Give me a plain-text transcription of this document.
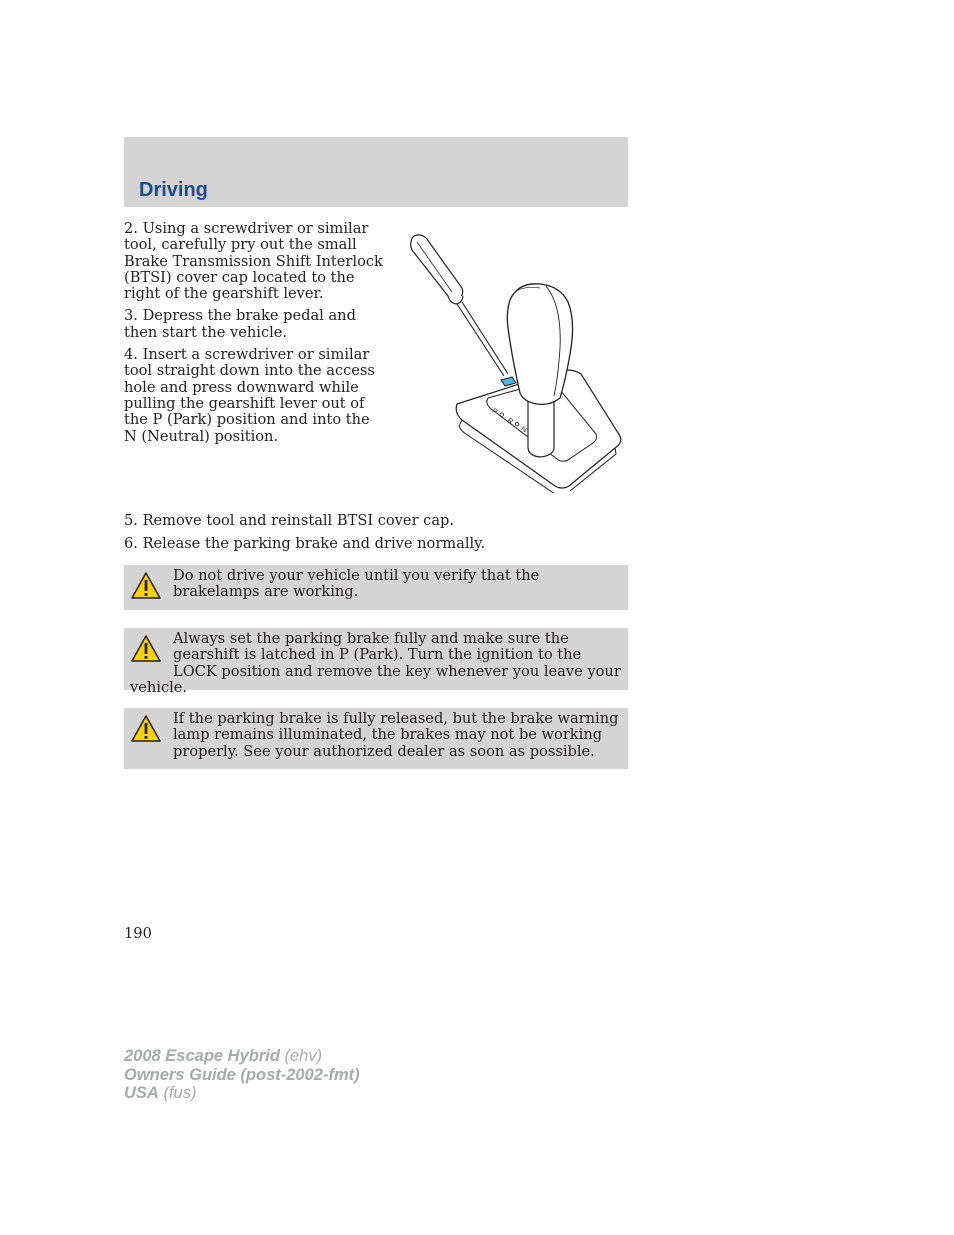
Driving

2. Using a screwdriver or similar tool, carefully pry out the small Brake Transmission Shift Interlock (BTSI) cover cap located to the right of the gearshift lever.

3. Depress the brake pedal and then start the vehicle.

4. Insert a screwdriver or similar tool straight down into the access hole and press downward while pulling the gearshift lever out of the P (Park) position and into the N (Neutral) position.

P
R
N

5. Remove tool and reinstall BTSI cover cap.

6. Release the parking brake and drive normally.

Do not drive your vehicle until you verify that the brakelamps are working.

Always set the parking brake fully and make sure the gearshift is latched in P (Park). Turn the ignition to the LOCK position and remove the key whenever you leave your vehicle.

If the parking brake is fully released, but the brake warning lamp remains illuminated, the brakes may not be working properly. See your authorized dealer as soon as possible.

190

2008 Escape Hybrid (ehv)
Owners Guide (post-2002-fmt)
USA (fus)
